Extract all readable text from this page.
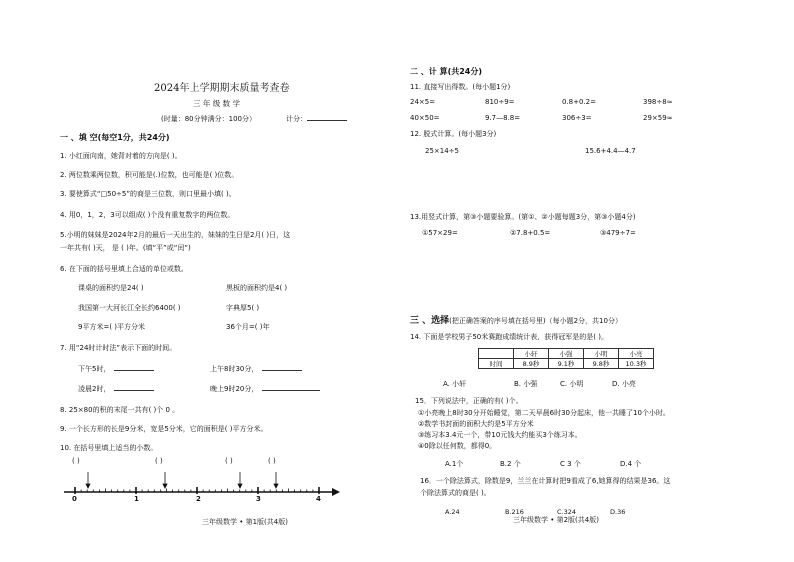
2024年上学期期末质量考查卷
三 年 级 数 学
(时量：80分钟满分：100分）	计分：
一 、填 空(每空1分，共24分)
1. 小红面向南，她背对着的方向是( )。
2. 两位数乘两位数，积可能是(.)位数，也可能是( )位数。
3. 要使算式“□50÷5”的商是三位数，则口里最小填( )。
4. 用0，1，2，3可以组成( )个没有重复数字的两位数。
5.小明的妹妹是2024年2月的最后一天出生的，妹妹的生日是2月( )日，这
一年共有( )天， 是 ( )年。(填“平”或“闰”)
6. 在下面的括号里填上合适的单位或数。
课桌的面积约是24( )	黑板的面积约是4( )
我国第一大河长江全长约6400( )	字典厚5( )
9平方米=( )平方分米	36个月=( )年
7. 用“24时计时法”表示下面的时间。
下午5时，	上午8时30分，
凌晨2时，	晚上9时20分，
8. 25×80的积的末尾一共有( )个 0 。
9. 一个长方形的长是9分米，宽是5分米，它的面积是( )平方分米。
10. 在括号里填上适当的小数。
( )	( )	( )	( )
0	1	2	3	4
三年级数学 • 第1版(共4版)
二 、计 算(共24分)
11. 直接写出得数。(每小题1分)
24×5=	810÷9=	0.8+0.2=	398÷8≈
40×50=	9.7—8.8=	306÷3=	29×59≈
12. 脱式计算。(每小题3分)
25×14÷5	15.6+4.4—4.7
13.用竖式计算，第③小题要验算。(第①、②小题每题3分，第③小题4分)
①57×29=	②7.8+0.5=	③479÷7=
三 、选择(把正确答案的序号填在括号里)（每小题2分，共10分）
14. 下面是学校男子50米赛跑成绩统计表，获得冠军是的是( )。
	小轩	小强	小明	小亮
时间	8.9秒	9.1秒	9.8秒	10.3秒
A. 小轩	B. 小强	C. 小明	D. 小亮
15．下列说法中，正确的有( )个。
①小亮晚上8时30分开始睡觉，第二天早晨6时30分起床，他一共睡了10个小时。
②数学书封面的面积大约是5平方分米
③练习本3.4元一个，带10元钱大约能买3个练习本。
④0除以任何数，都得0。
A.1个	B.2 个	C 3 个	D.4 个
16．一个除法算式，除数是9，兰兰在计算时把9看成了6,她算得的结果是36。这
个除法算式的商是( )。
A.24	B.216	C.324	D.36
三年级数学 • 第2版(共4版)
